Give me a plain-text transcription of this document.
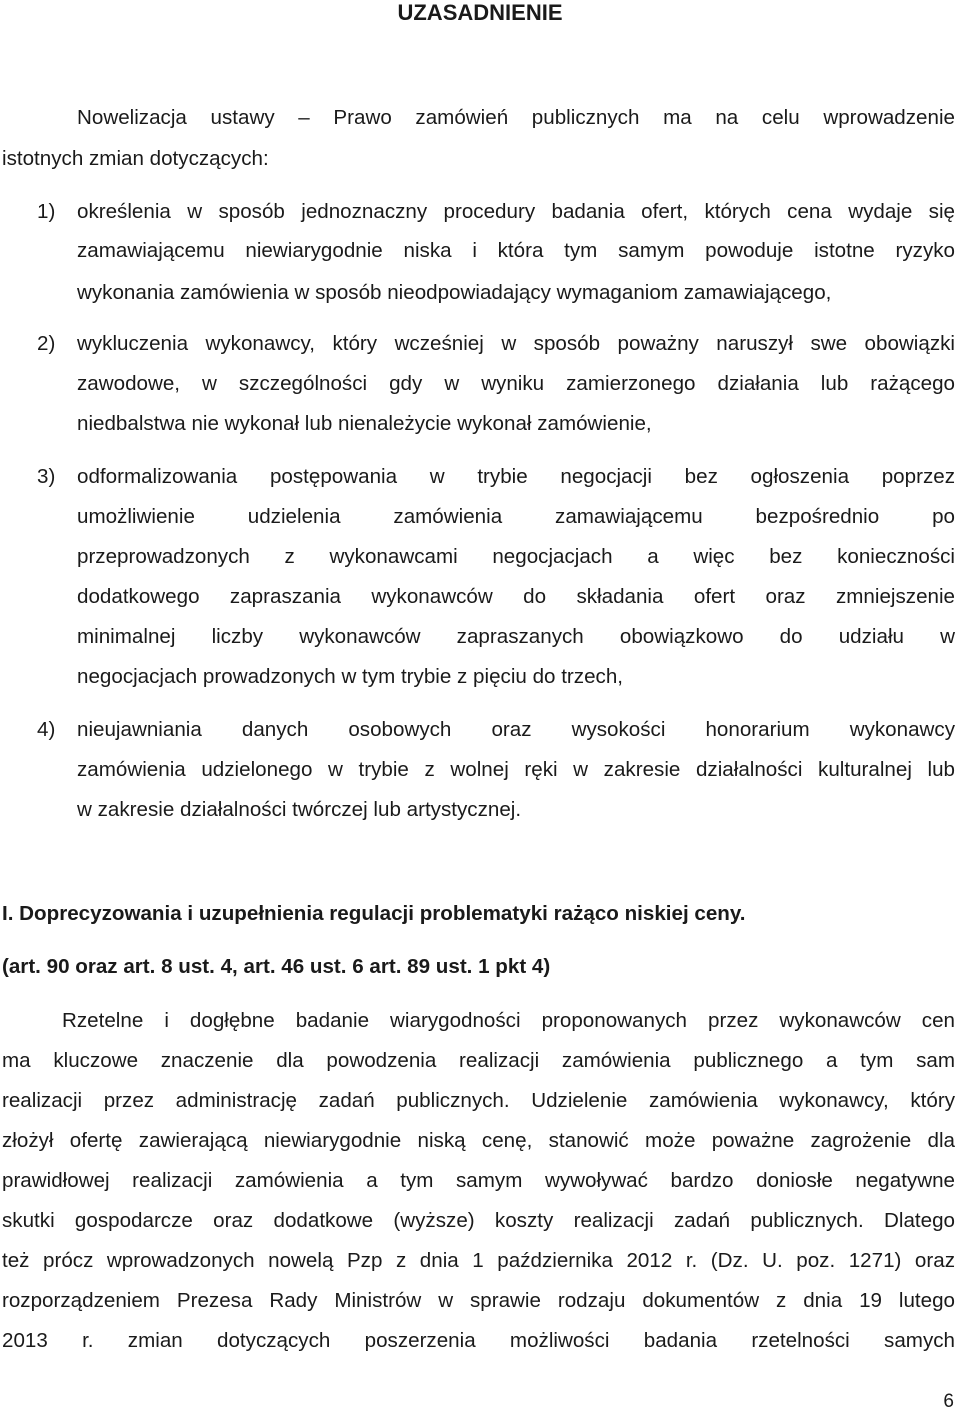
UZASADNIENIE
Nowelizacja ustawy – Prawo zamówień publicznych ma na celu wprowadzenie
istotnych zmian dotyczących:
1) określenia w sposób jednoznaczny procedury badania ofert, których cena wydaje się
zamawiającemu niewiarygodnie niska i która tym samym powoduje istotne ryzyko
wykonania zamówienia w sposób nieodpowiadający wymaganiom zamawiającego,
2) wykluczenia wykonawcy, który wcześniej w sposób poważny naruszył swe obowiązki
zawodowe, w szczególności gdy w wyniku zamierzonego działania lub rażącego
niedbalstwa nie wykonał lub nienależycie wykonał zamówienie,
3) odformalizowania postępowania w trybie negocjacji bez ogłoszenia poprzez
umożliwienie udzielenia zamówienia zamawiającemu bezpośrednio po
przeprowadzonych z wykonawcami negocjacjach a więc bez konieczności
dodatkowego zapraszania wykonawców do składania ofert oraz zmniejszenie
minimalnej liczby wykonawców zapraszanych obowiązkowo do udziału w
negocjacjach prowadzonych w tym trybie z pięciu do trzech,
4) nieujawniania danych osobowych oraz wysokości honorarium wykonawcy
zamówienia udzielonego w trybie z wolnej ręki w zakresie działalności kulturalnej lub
w zakresie działalności twórczej lub artystycznej.
I. Doprecyzowania i uzupełnienia regulacji problematyki rażąco niskiej ceny.
(art. 90 oraz art. 8 ust. 4, art. 46 ust. 6 art. 89 ust. 1 pkt 4)
Rzetelne i dogłębne badanie wiarygodności proponowanych przez wykonawców cen
ma kluczowe znaczenie dla powodzenia realizacji zamówienia publicznego a tym sam
realizacji przez administrację zadań publicznych. Udzielenie zamówienia wykonawcy, który
złożył ofertę zawierającą niewiarygodnie niską cenę, stanowić może poważne zagrożenie dla
prawidłowej realizacji zamówienia a tym samym wywoływać bardzo doniosłe negatywne
skutki gospodarcze oraz dodatkowe (wyższe) koszty realizacji zadań publicznych. Dlatego
też prócz wprowadzonych nowelą Pzp z dnia 1 października 2012 r. (Dz. U. poz. 1271) oraz
rozporządzeniem Prezesa Rady Ministrów w sprawie rodzaju dokumentów z dnia 19 lutego
2013 r. zmian dotyczących poszerzenia możliwości badania rzetelności samych
6
